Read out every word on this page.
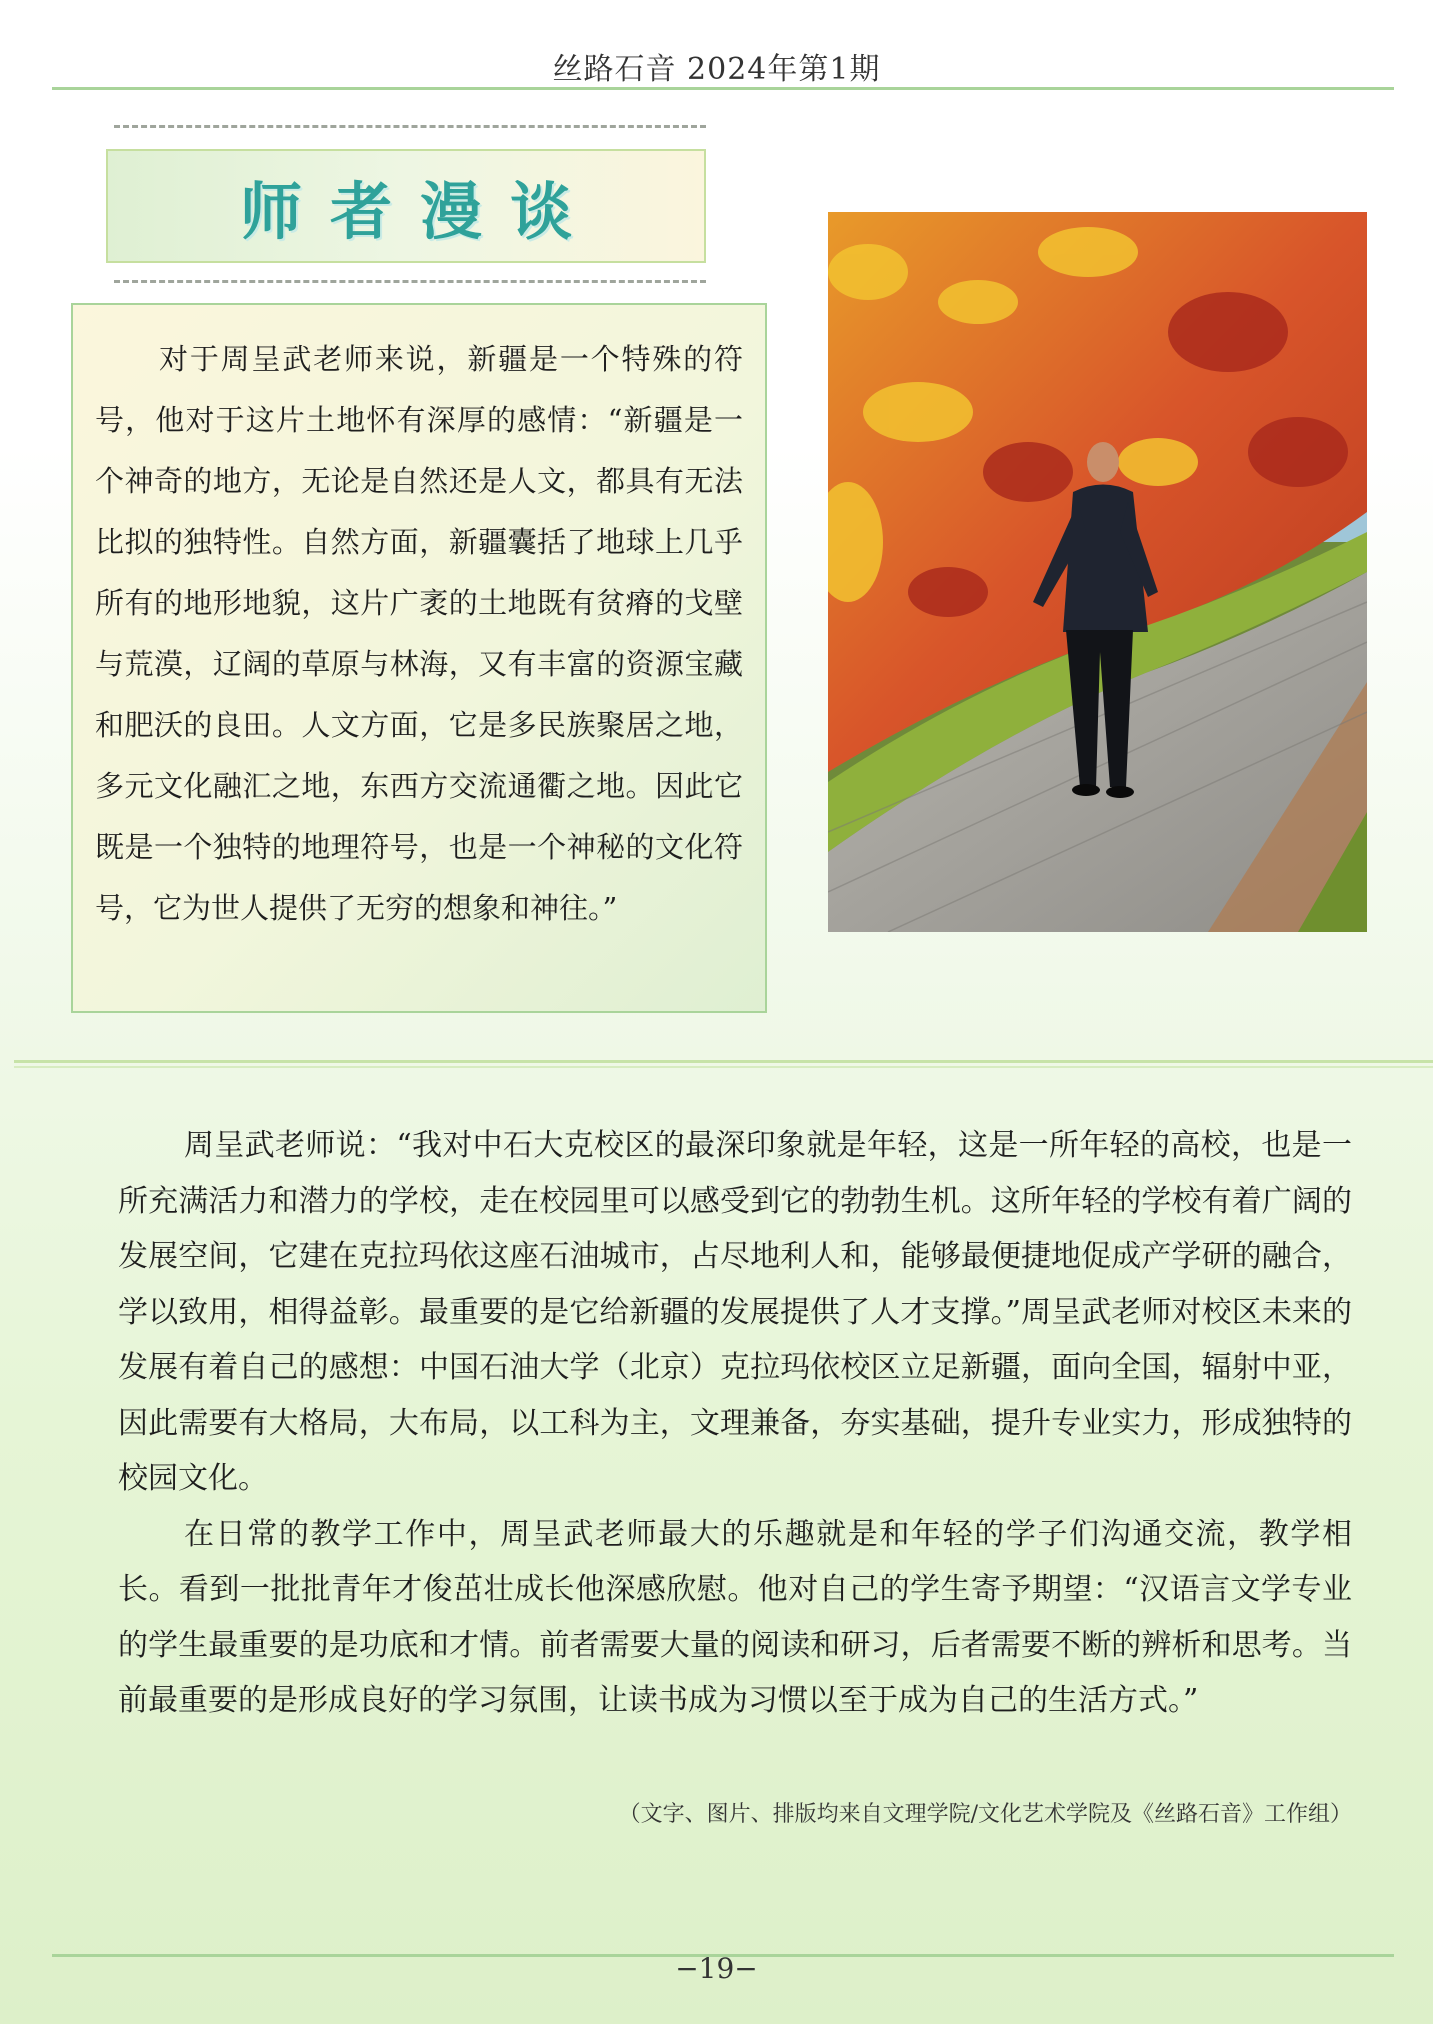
丝路石音 2024年第1期
师者漫谈

对于周呈武老师来说，新疆是一个特殊的符号，他对于这片土地怀有深厚的感情：“新疆是一个神奇的地方，无论是自然还是人文，都具有无法比拟的独特性。自然方面，新疆囊括了地球上几乎所有的地形地貌，这片广袤的土地既有贫瘠的戈壁与荒漠，辽阔的草原与林海，又有丰富的资源宝藏和肥沃的良田。人文方面，它是多民族聚居之地，多元文化融汇之地，东西方交流通衢之地。因此它既是一个独特的地理符号，也是一个神秘的文化符号，它为世人提供了无穷的想象和神往。”

周呈武老师说：“我对中石大克校区的最深印象就是年轻，这是一所年轻的高校，也是一所充满活力和潜力的学校，走在校园里可以感受到它的勃勃生机。这所年轻的学校有着广阔的发展空间，它建在克拉玛依这座石油城市，占尽地利人和，能够最便捷地促成产学研的融合，学以致用，相得益彰。最重要的是它给新疆的发展提供了人才支撑。”周呈武老师对校区未来的发展有着自己的感想：中国石油大学（北京）克拉玛依校区立足新疆，面向全国，辐射中亚，因此需要有大格局，大布局，以工科为主，文理兼备，夯实基础，提升专业实力，形成独特的校园文化。

在日常的教学工作中，周呈武老师最大的乐趣就是和年轻的学子们沟通交流，教学相长。看到一批批青年才俊茁壮成长他深感欣慰。他对自己的学生寄予期望：“汉语言文学专业的学生最重要的是功底和才情。前者需要大量的阅读和研习，后者需要不断的辨析和思考。当前最重要的是形成良好的学习氛围，让读书成为习惯以至于成为自己的生活方式。”

（文字、图片、排版均来自文理学院/文化艺术学院及《丝路石音》工作组）
−19−
